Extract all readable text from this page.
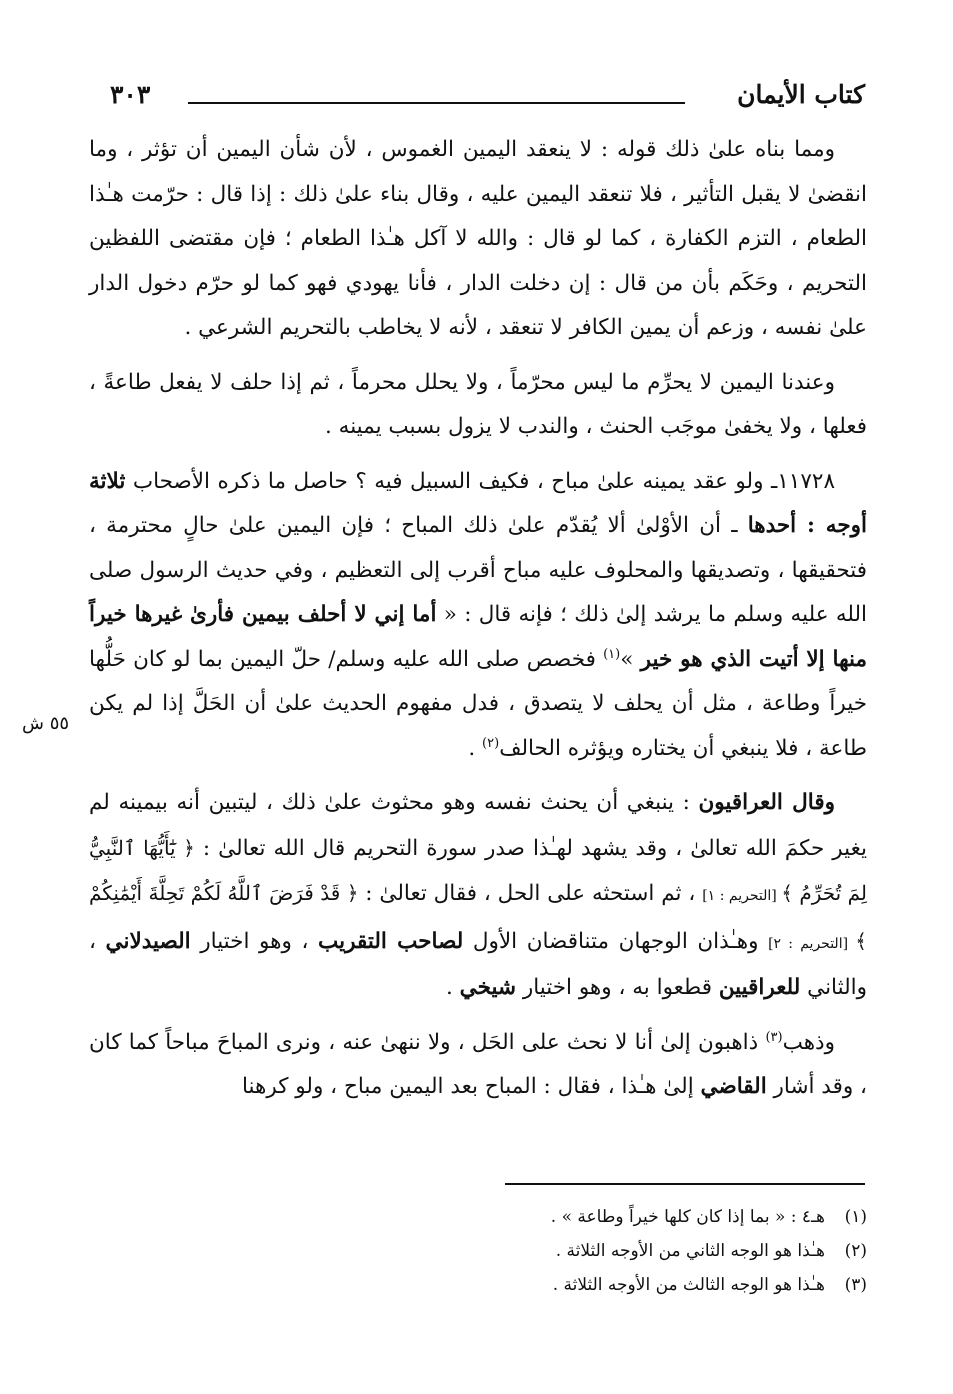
كتاب الأيمان
٣٠٣

ومما بناه علىٰ ذلك قوله : لا ينعقد اليمين الغموس ، لأن شأن اليمين أن تؤثر ، وما انقضىٰ لا يقبل التأثير ، فلا تنعقد اليمين عليه ، وقال بناء علىٰ ذلك : إذا قال : حرّمت هـٰذا الطعام ، التزم الكفارة ، كما لو قال : والله لا آكل هـٰذا الطعام ؛ فإن مقتضى اللفظين التحريم ، وحَكَم بأن من قال : إن دخلت الدار ، فأنا يهودي فهو كما لو حرّم دخول الدار علىٰ نفسه ، وزعم أن يمين الكافر لا تنعقد ، لأنه لا يخاطب بالتحريم الشرعي .

وعندنا اليمين لا يحرِّم ما ليس محرّماً ، ولا يحلل محرماً ، ثم إذا حلف لا يفعل طاعةً ، فعلها ، ولا يخفىٰ موجَب الحنث ، والندب لا يزول بسبب يمينه .

١١٧٢٨ـ ولو عقد يمينه علىٰ مباح ، فكيف السبيل فيه ؟ حاصل ما ذكره الأصحاب ثلاثة أوجه : أحدها ـ أن الأوْلىٰ ألا يُقدّم علىٰ ذلك المباح ؛ فإن اليمين علىٰ حالٍ محترمة ، فتحقيقها ، وتصديقها والمحلوف عليه مباح أقرب إلى التعظيم ، وفي حديث الرسول صلى الله عليه وسلم ما يرشد إلىٰ ذلك ؛ فإنه قال : « أما إني لا أحلف بيمين فأرىٰ غيرها خيراً منها إلا أتيت الذي هو خير »$^{(١)}$ فخصص صلى الله عليه وسلم/ حلّ اليمين بما لو كان حَلُّها خيراً وطاعة ، مثل أن يحلف لا يتصدق ، فدل مفهوم الحديث علىٰ أن الحَلَّ إذا لم يكن طاعة ، فلا ينبغي أن يختاره ويؤثره الحالف$^{(٢)}$ .

وقال العراقيون : ينبغي أن يحنث نفسه وهو محثوث علىٰ ذلك ، ليتبين أنه بيمينه لم يغير حكمَ الله تعالىٰ ، وقد يشهد لهـٰذا صدر سورة التحريم قال الله تعالىٰ : ﴿ يَٰٓأَيُّهَا ٱلنَّبِيُّ لِمَ تُحَرِّمُ ﴾ [التحريم : ١] ، ثم استحثه على الحل ، فقال تعالىٰ : ﴿ قَدْ فَرَضَ ٱللَّهُ لَكُمْ تَحِلَّةَ أَيْمَٰنِكُمْ ﴾ [التحريم : ٢] وهـٰذان الوجهان متناقضان الأول لصاحب التقريب ، وهو اختيار الصيدلاني ، والثاني للعراقيين قطعوا به ، وهو اختيار شيخي .

وذهب$^{(٣)}$ ذاهبون إلىٰ أنا لا نحث على الحَل ، ولا ننهىٰ عنه ، ونرى المباحَ مباحاً كما كان ، وقد أشار القاضي إلىٰ هـٰذا ، فقال : المباح بعد اليمين مباح ، ولو كرهنا

٥٥ ش
(١)هـ٤ : « بما إذا كان كلها خيراً وطاعة » .
(٢)هـٰذا هو الوجه الثاني من الأوجه الثلاثة .
(٣)هـٰذا هو الوجه الثالث من الأوجه الثلاثة .
